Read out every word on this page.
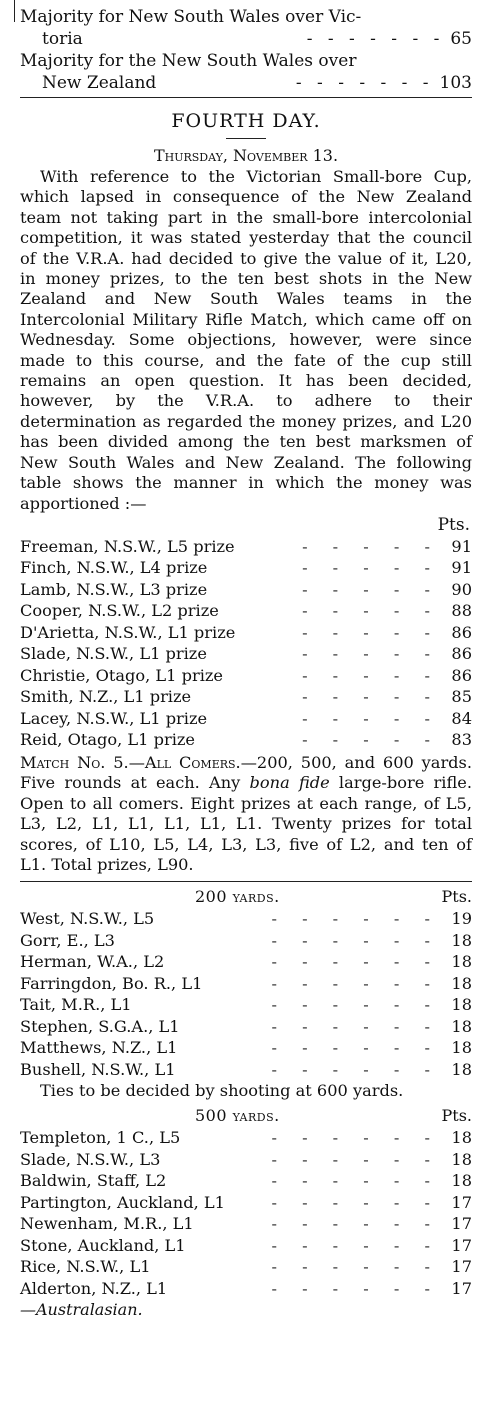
Majority for New South Wales over Vic-
toria	- - - - - - - 65
Majority for the New South Wales over
New Zealand	- - - - - - - 103
FOURTH DAY.
Thursday, November 13.

With reference to the Victorian Small-bore Cup, which lapsed in consequence of the New Zealand team not taking part in the small-bore intercolonial competition, it was stated yesterday that the council of the V.R.A. had decided to give the value of it, L20, in money prizes, to the ten best shots in the New Zealand and New South Wales teams in the Intercolonial Military Rifle Match, which came off on Wednesday. Some objections, however, were since made to this course, and the fate of the cup still remains an open question. It has been decided, however, by the V.R.A. to adhere to their determination as regarded the money prizes, and L20 has been divided among the ten best marksmen of New South Wales and New Zealand. The following table shows the manner in which the money was apportioned :—

Pts.
Freeman, N.S.W., L5 prize	- - - - - 91
Finch, N.S.W., L4 prize	- - - - - 91
Lamb, N.S.W., L3 prize	- - - - - 90
Cooper, N.S.W., L2 prize	- - - - - 88
D'Arietta, N.S.W., L1 prize	- - - - - 86
Slade, N.S.W., L1 prize	- - - - - 86
Christie, Otago, L1 prize	- - - - - 86
Smith, N.Z., L1 prize	- - - - - 85
Lacey, N.S.W., L1 prize	- - - - - 84
Reid, Otago, L1 prize	- - - - - 83

Match No. 5.—All Comers.—200, 500, and 600 yards. Five rounds at each. Any bona fide large-bore rifle. Open to all comers. Eight prizes at each range, of L5, L3, L2, L1, L1, L1, L1, L1. Twenty prizes for total scores, of L10, L5, L4, L3, L3, five of L2, and ten of L1. Total prizes, L90.

200 yards.	Pts.
West, N.S.W., L5	- - - - - - 19
Gorr, E., L3	- - - - - - 18
Herman, W.A., L2	- - - - - - 18
Farringdon, Bo. R., L1	- - - - - - 18
Tait, M.R., L1	- - - - - - 18
Stephen, S.G.A., L1	- - - - - - 18
Matthews, N.Z., L1	- - - - - - 18
Bushell, N.S.W., L1	- - - - - - 18
Ties to be decided by shooting at 600 yards.
500 yards.	Pts.
Templeton, 1 C., L5	- - - - - - 18
Slade, N.S.W., L3	- - - - - - 18
Baldwin, Staff, L2	- - - - - - 18
Partington, Auckland, L1	- - - - - - 17
Newenham, M.R., L1	- - - - - - 17
Stone, Auckland, L1	- - - - - - 17
Rice, N.S.W., L1	- - - - - - 17
Alderton, N.Z., L1	- - - - - - 17
—Australasian.
